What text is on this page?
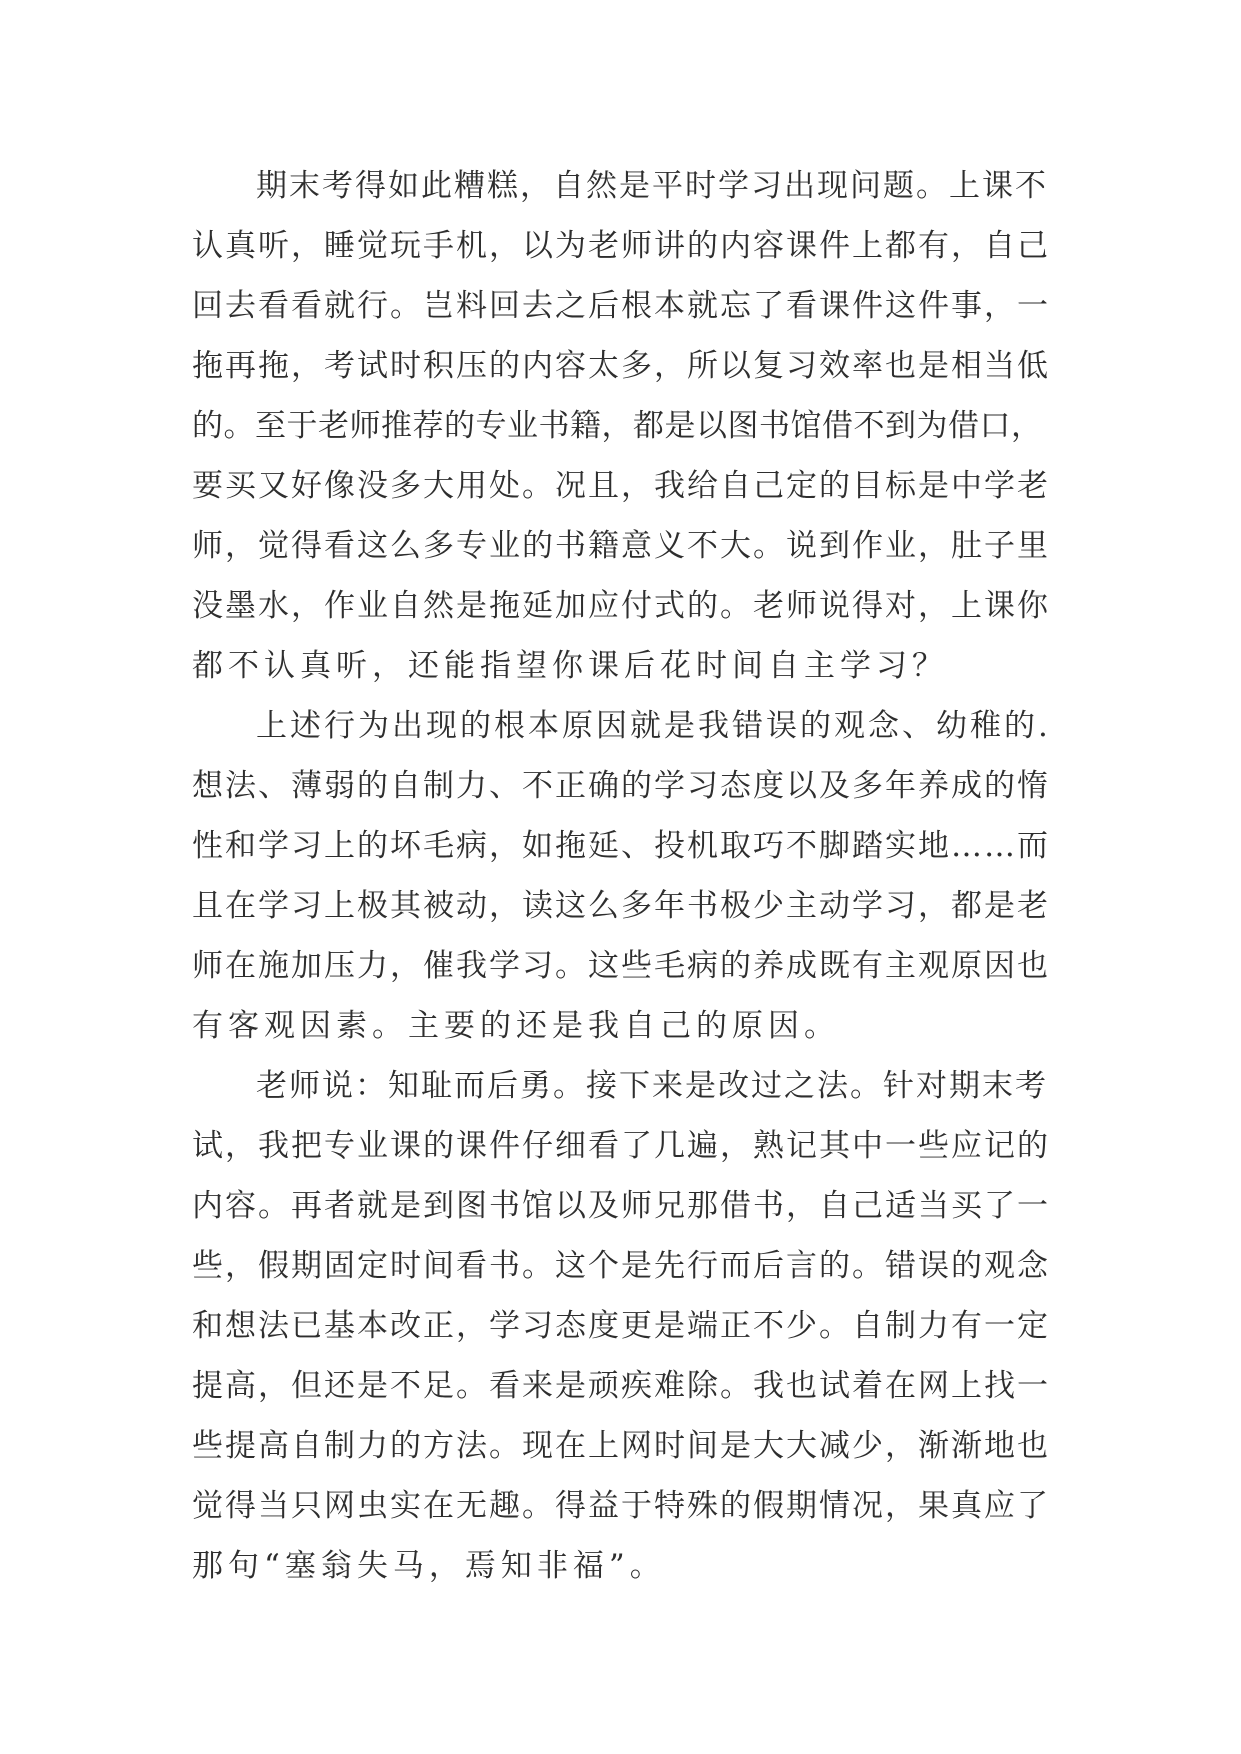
期末考得如此糟糕，自然是平时学习出现问题。上课不
认真听，睡觉玩手机，以为老师讲的内容课件上都有，自己
回去看看就行。岂料回去之后根本就忘了看课件这件事，一
拖再拖，考试时积压的内容太多，所以复习效率也是相当低
的。至于老师推荐的专业书籍，都是以图书馆借不到为借口，
要买又好像没多大用处。况且，我给自己定的目标是中学老
师，觉得看这么多专业的书籍意义不大。说到作业，肚子里
没墨水，作业自然是拖延加应付式的。老师说得对，上课你
都不认真听，还能指望你课后花时间自主学习？
上述行为出现的根本原因就是我错误的观念、幼稚的.
想法、薄弱的自制力、不正确的学习态度以及多年养成的惰
性和学习上的坏毛病，如拖延、投机取巧不脚踏实地……而
且在学习上极其被动，读这么多年书极少主动学习，都是老
师在施加压力，催我学习。这些毛病的养成既有主观原因也
有客观因素。主要的还是我自己的原因。
老师说：知耻而后勇。接下来是改过之法。针对期末考
试，我把专业课的课件仔细看了几遍，熟记其中一些应记的
内容。再者就是到图书馆以及师兄那借书，自己适当买了一
些，假期固定时间看书。这个是先行而后言的。错误的观念
和想法已基本改正，学习态度更是端正不少。自制力有一定
提高，但还是不足。看来是顽疾难除。我也试着在网上找一
些提高自制力的方法。现在上网时间是大大减少，渐渐地也
觉得当只网虫实在无趣。得益于特殊的假期情况，果真应了
那句“塞翁失马，焉知非福”。
